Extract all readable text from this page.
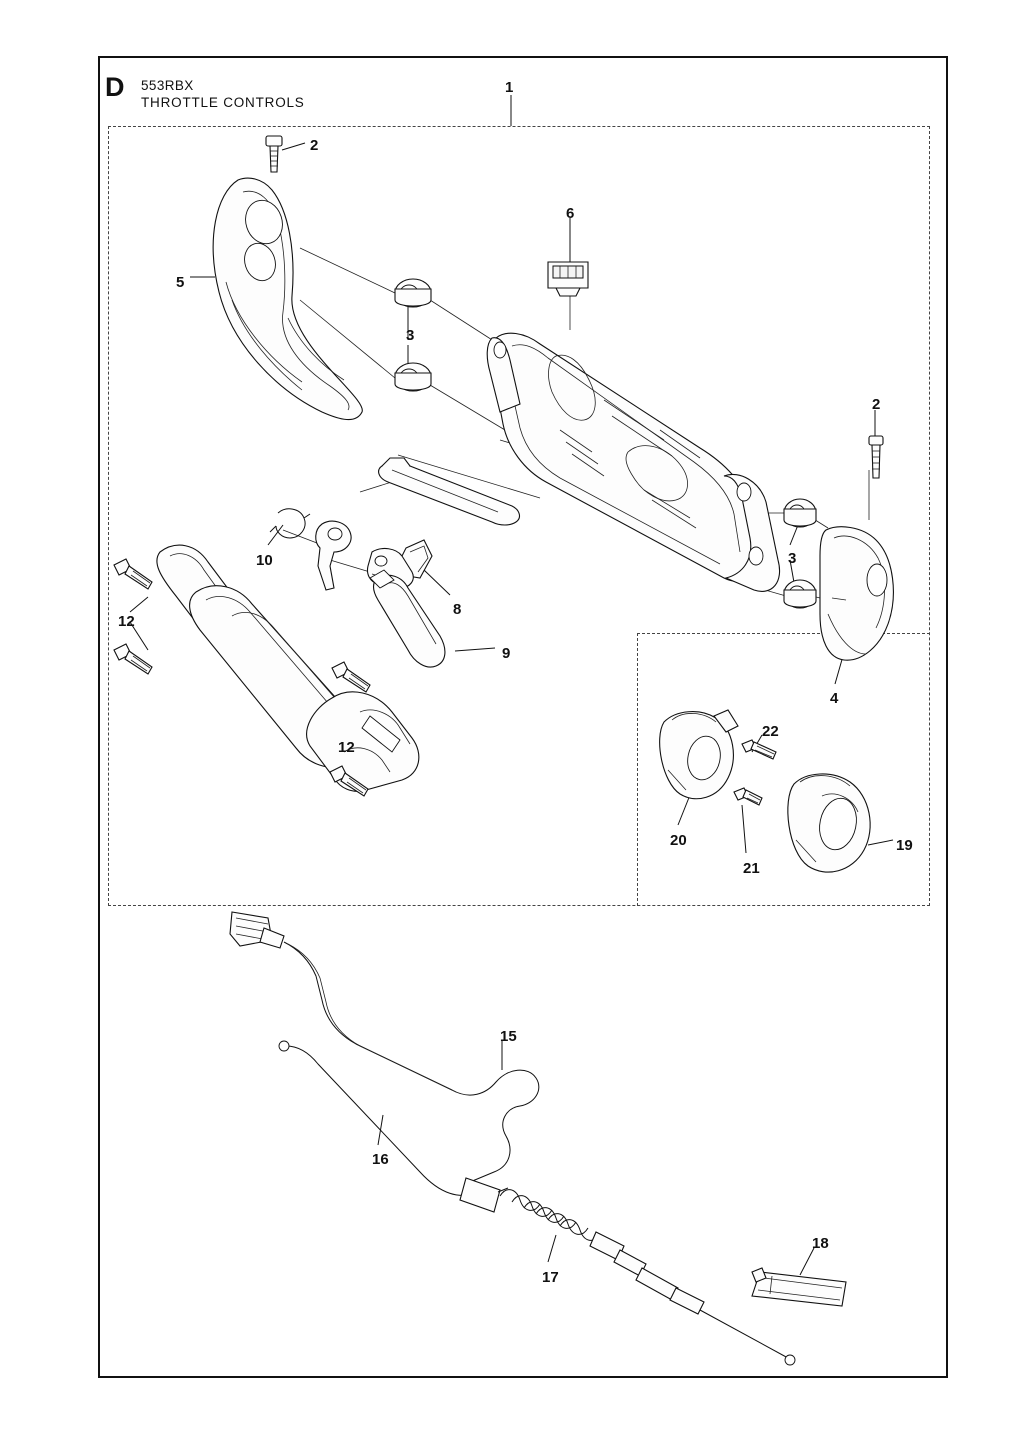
D 553RBX
THROTTLE CONTROLS
1
2
5
3
6
2
3
4
10
8
9
12
12
22
20
21
19
15
16
17
18
